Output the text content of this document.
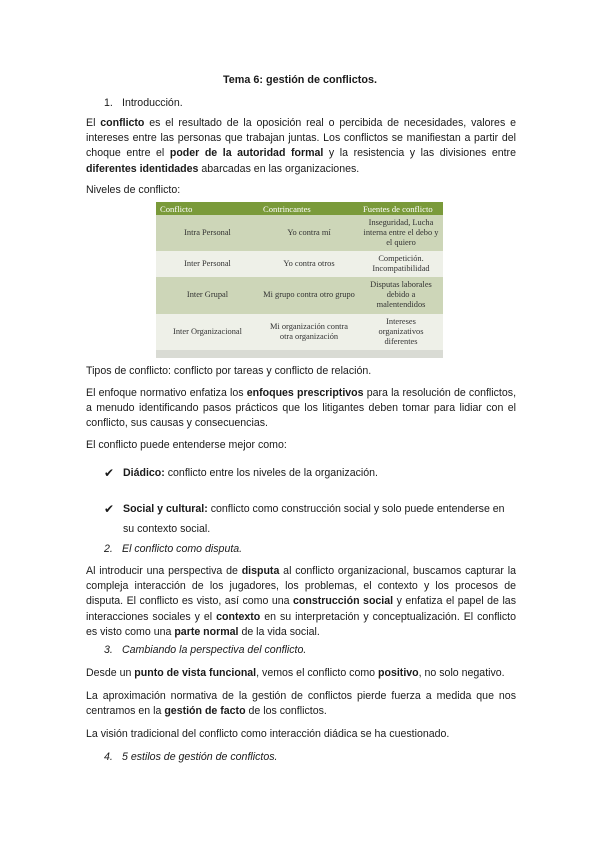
Tema 6: gestión de conflictos.
1. Introducción.
El conflicto es el resultado de la oposición real o percibida de necesidades, valores e intereses entre las personas que trabajan juntas. Los conflictos se manifiestan a partir del choque entre el poder de la autoridad formal y la resistencia y las divisiones entre diferentes identidades abarcadas en las organizaciones.
Niveles de conflicto:
Conflicto	Contrincantes	Fuentes de conflicto
Intra Personal	Yo contra mí	Inseguridad, Lucha interna entre el debo y el quiero
Inter Personal	Yo contra otros	Competición. Incompatibilidad
Inter Grupal	Mi grupo contra otro grupo	Disputas laborales debido a malentendidos
Inter Organizacional	Mi organización contra otra organización	Intereses organizativos diferentes

Tipos de conflicto: conflicto por tareas y conflicto de relación.
El enfoque normativo enfatiza los enfoques prescriptivos para la resolución de conflictos, a menudo identificando pasos prácticos que los litigantes deben tomar para lidiar con el conflicto, sus causas y consecuencias.
El conflicto puede entenderse mejor como:
✔ Diádico: conflicto entre los niveles de la organización.
✔ Social y cultural: conflicto como construcción social y solo puede entenderse en su contexto social.
2. El conflicto como disputa.
Al introducir una perspectiva de disputa al conflicto organizacional, buscamos capturar la compleja interacción de los jugadores, los problemas, el contexto y los procesos de disputa. El conflicto es visto, así como una construcción social y enfatiza el papel de las interacciones sociales y el contexto en su interpretación y conceptualización. El conflicto es visto como una parte normal de la vida social.
3. Cambiando la perspectiva del conflicto.
Desde un punto de vista funcional, vemos el conflicto como positivo, no solo negativo.
La aproximación normativa de la gestión de conflictos pierde fuerza a medida que nos centramos en la gestión de facto de los conflictos.
La visión tradicional del conflicto como interacción diádica se ha cuestionado.
4. 5 estilos de gestión de conflictos.
